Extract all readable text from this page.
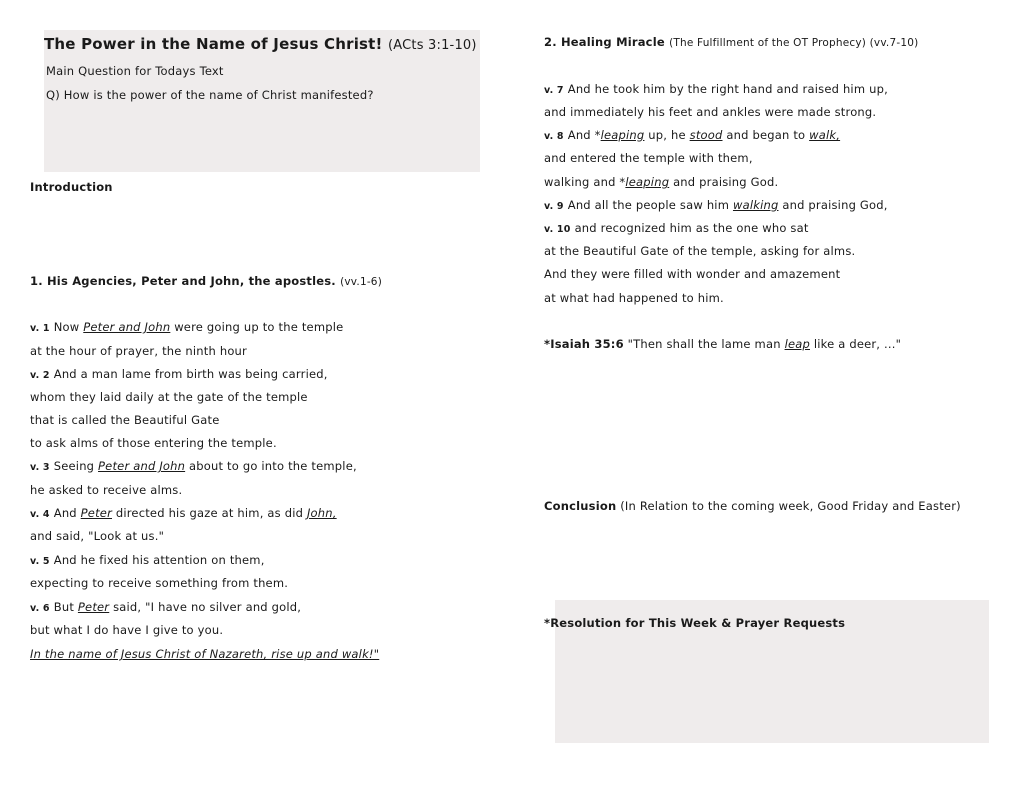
The Power in the Name of Jesus Christ! (ACts 3:1-10)
Main Question for Todays Text
Q) How is the power of the name of Christ manifested?
Introduction
1. His Agencies, Peter and John, the apostles. (vv.1-6)
v. 1 Now Peter and John were going up to the temple
at the hour of prayer, the ninth hour
v. 2 And a man lame from birth was being carried,
whom they laid daily at the gate of the temple
that is called the Beautiful Gate
to ask alms of those entering the temple.
v. 3 Seeing Peter and John about to go into the temple,
he asked to receive alms.
v. 4 And Peter directed his gaze at him, as did John,
and said, "Look at us."
v. 5 And he fixed his attention on them,
expecting to receive something from them.
v. 6 But Peter said, "I have no silver and gold,
but what I do have I give to you.
In the name of Jesus Christ of Nazareth, rise up and walk!"
2. Healing Miracle (The Fulfillment of the OT Prophecy) (vv.7-10)
v. 7 And he took him by the right hand and raised him up,
and immediately his feet and ankles were made strong.
v. 8 And *leaping up, he stood and began to walk,
and entered the temple with them,
walking and *leaping and praising God.
v. 9 And all the people saw him walking and praising God,
v. 10 and recognized him as the one who sat
at the Beautiful Gate of the temple, asking for alms.
And they were filled with wonder and amazement
at what had happened to him.
*Isaiah 35:6 "Then shall the lame man leap like a deer, ..."
Conclusion (In Relation to the coming week, Good Friday and Easter)
*Resolution for This Week & Prayer Requests
